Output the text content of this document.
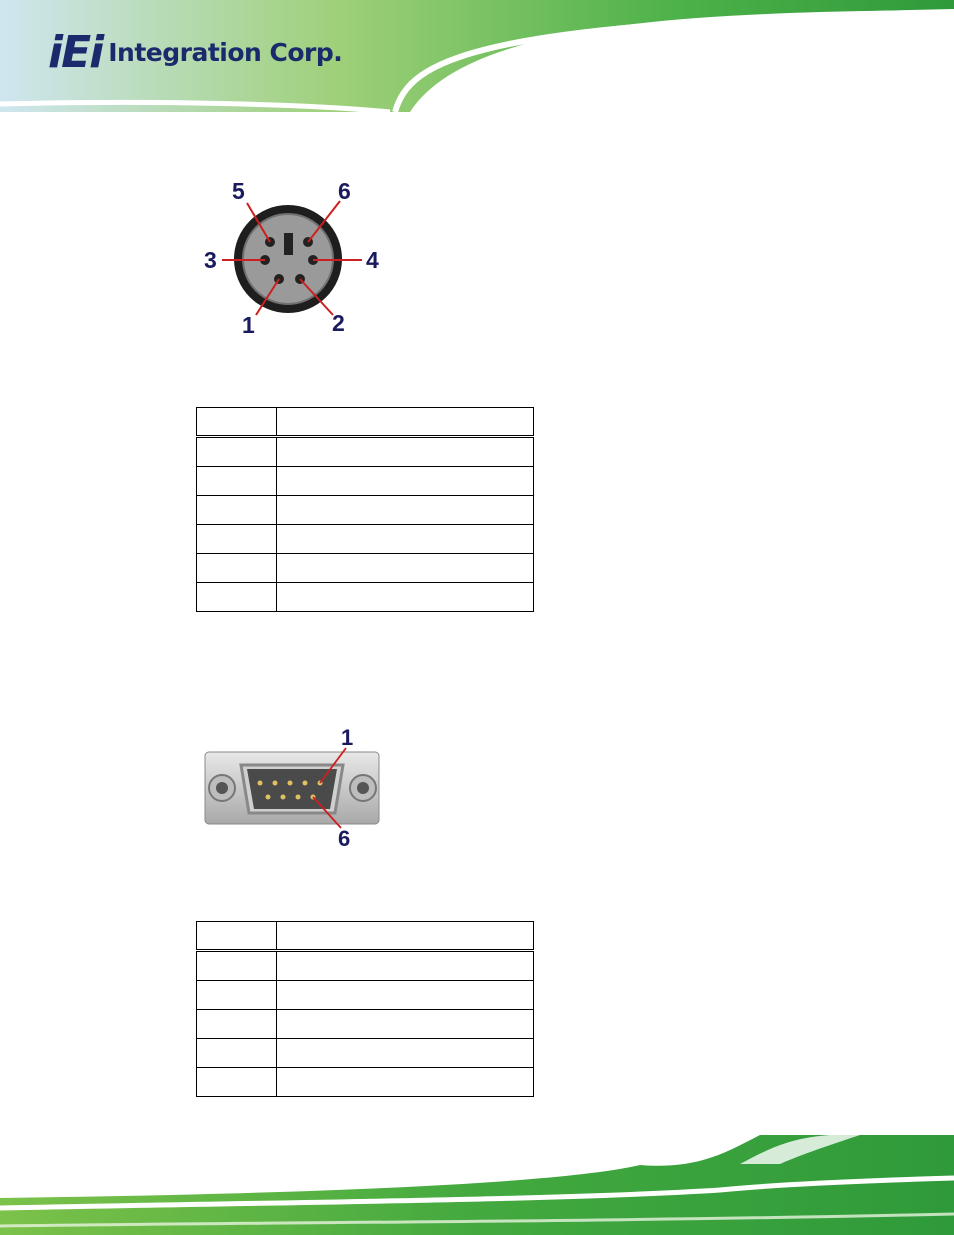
iEi Integration Corp.
5	6
3	4
1	2

1
6
